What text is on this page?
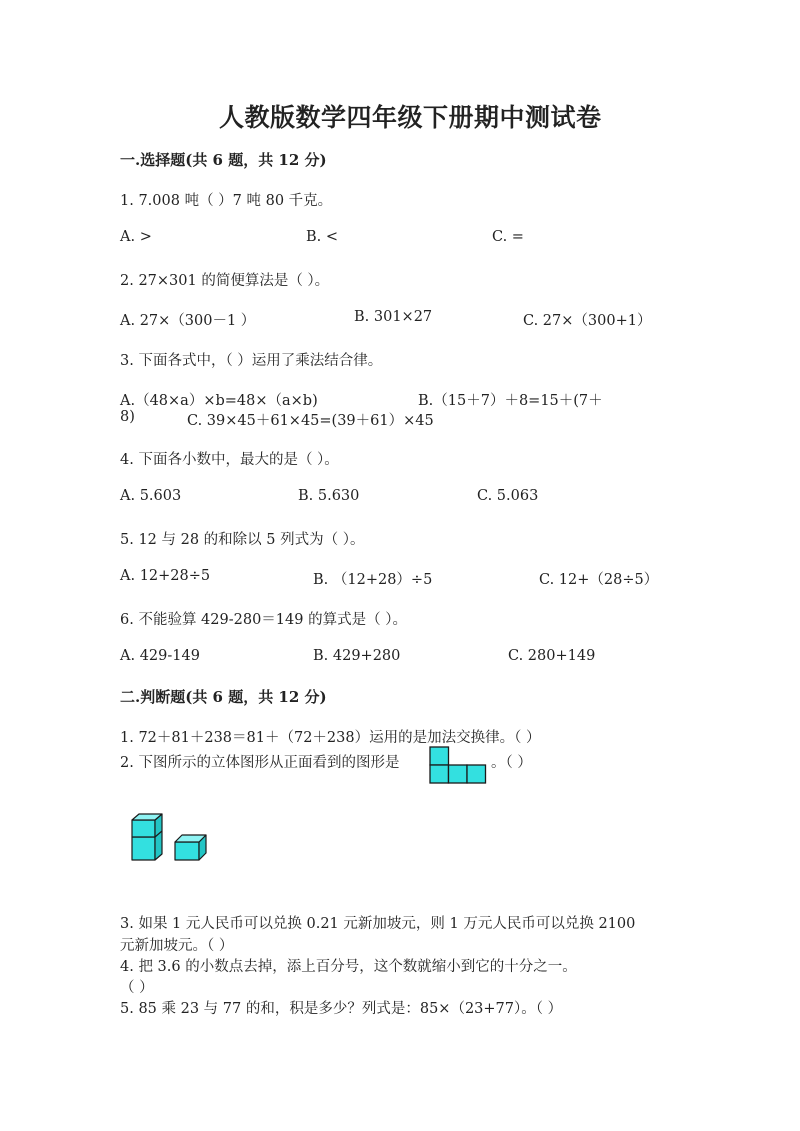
人教版数学四年级下册期中测试卷
一.选择题(共 6 题，共 12 分)
1. 7.008 吨（ ）7 吨 80 千克。
A. >	B. <	C. =
2. 27×301 的简便算法是（ ）。
A. 27×（300－1 ）	B. 301×27	C. 27×（300+1）
3. 下面各式中，（ ）运用了乘法结合律。
A.（48×a）×b=48×（a×b)	B.（15＋7）＋8=15＋(7＋
8)	C. 39×45＋61×45=(39＋61）×45
4. 下面各小数中，最大的是（ ）。
A. 5.603	B. 5.630	C. 5.063
5. 12 与 28 的和除以 5 列式为（ ）。
A. 12+28÷5	B. （12+28）÷5	C. 12+（28÷5）
6. 不能验算 429-280＝149 的算式是（ ）。
A. 429-149	B. 429+280	C. 280+149
二.判断题(共 6 题，共 12 分)
1. 72＋81＋238＝81＋（72＋238）运用的是加法交换律。（ ）
2. 下图所示的立体图形从正面看到的图形是	。（ ）
3. 如果 1 元人民币可以兑换 0.21 元新加坡元，则 1 万元人民币可以兑换 2100
元新加坡元。（ ）
4. 把 3.6 的小数点去掉，添上百分号，这个数就缩小到它的十分之一。
（ ）
5. 85 乘 23 与 77 的和，积是多少？列式是：85×（23+77）。（ ）
